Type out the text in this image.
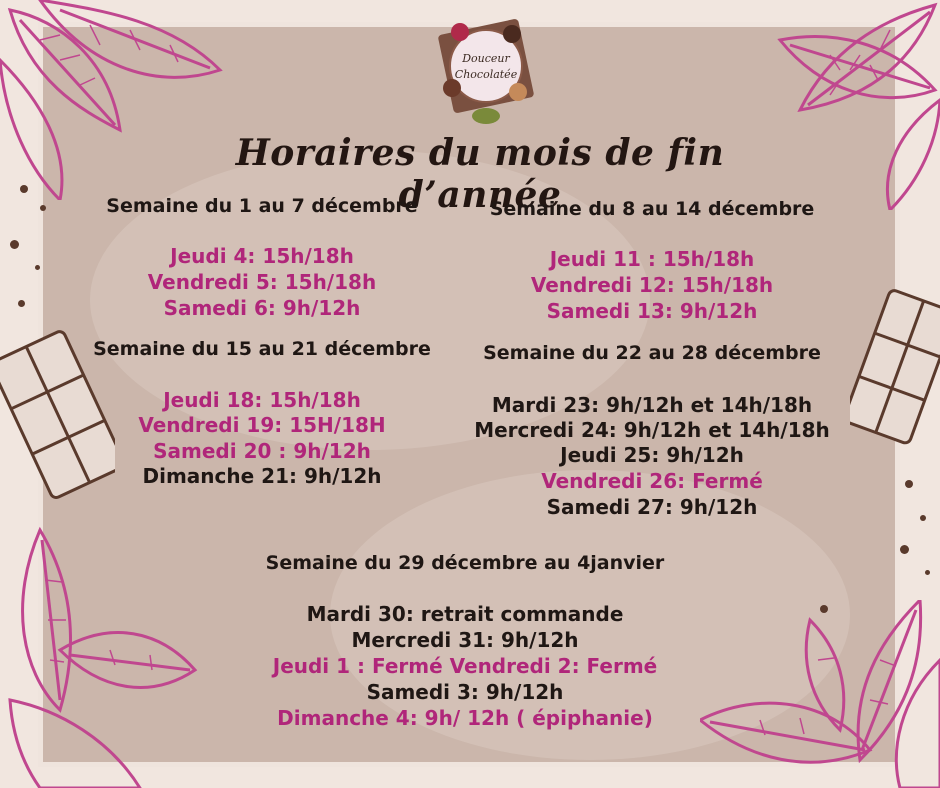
Douceur
Chocolatée
Horaires du mois de fin d’année
Semaine du 1 au 7 décembre
Jeudi 4: 15h/18h
Vendredi 5: 15h/18h
Samedi 6: 9h/12h
Semaine du 8 au 14 décembre
Jeudi 11 : 15h/18h
Vendredi 12: 15h/18h
Samedi 13: 9h/12h
Semaine du 15 au 21 décembre
Jeudi 18: 15h/18h
Vendredi 19: 15H/18H
Samedi 20 : 9h/12h
Dimanche 21: 9h/12h
Semaine du 22 au 28 décembre
Mardi 23: 9h/12h et 14h/18h
Mercredi 24: 9h/12h et 14h/18h
Jeudi 25: 9h/12h
Vendredi 26: Fermé
Samedi 27: 9h/12h
Semaine du 29 décembre au 4janvier
Mardi 30: retrait commande
Mercredi 31: 9h/12h
Jeudi 1 : Fermé Vendredi 2: Fermé
Samedi 3: 9h/12h
Dimanche 4: 9h/ 12h ( épiphanie)
